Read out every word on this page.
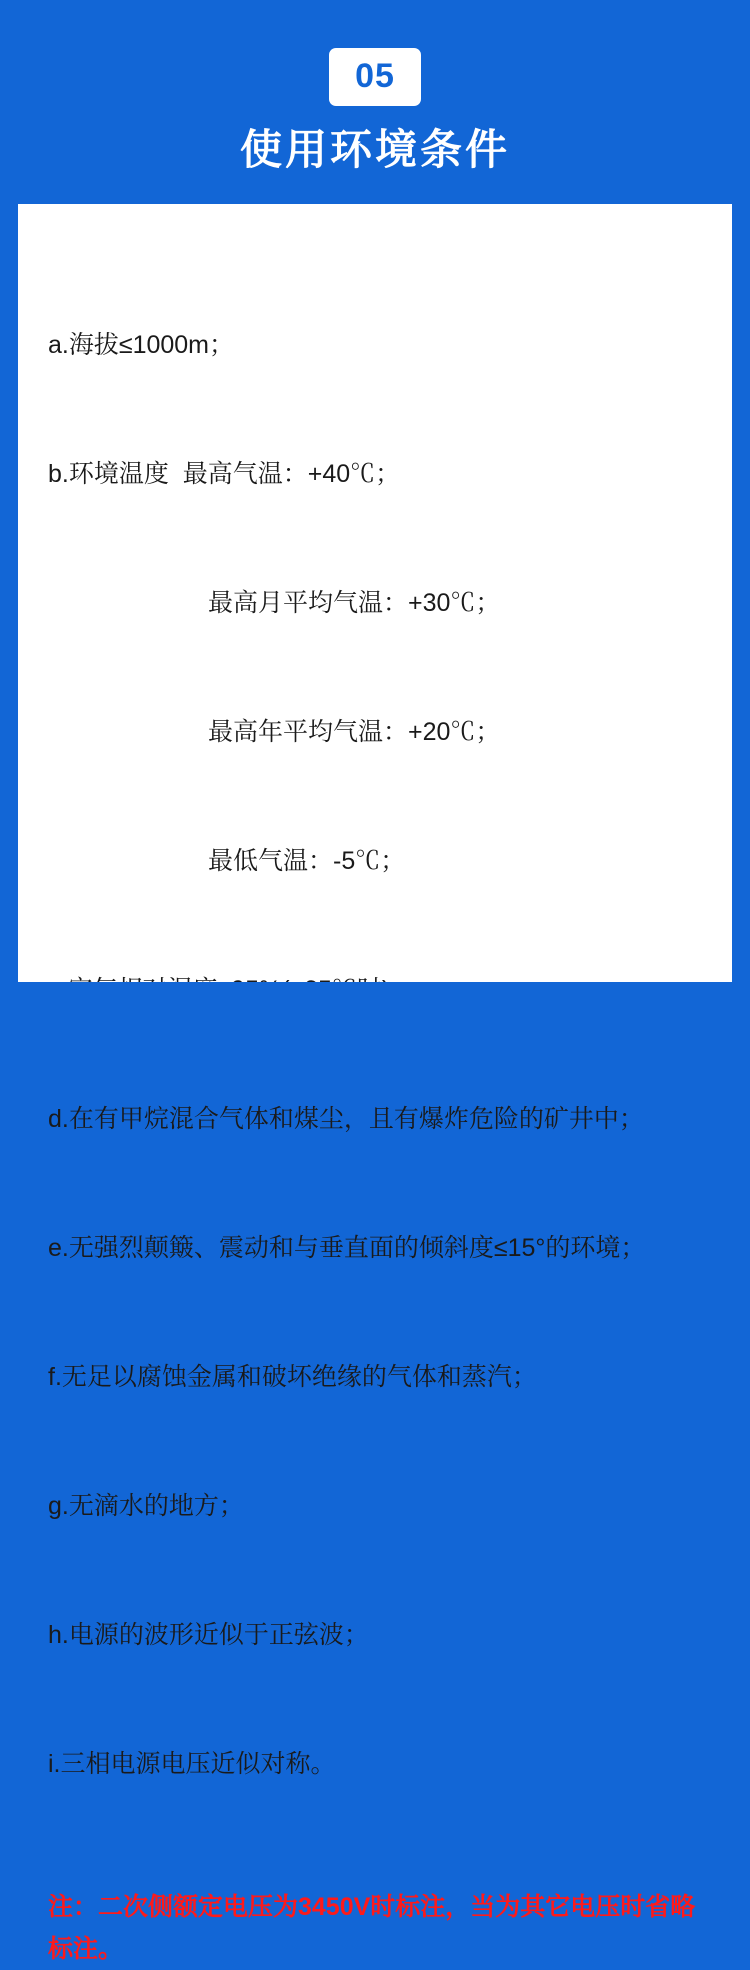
05
使用环境条件

a.海拔≤1000m；

b.环境温度  最高气温：+40℃；

最高月平均气温：+30℃；

最高年平均气温：+20℃；

最低气温：-5℃；

d.在有甲烷混合气体和煤尘，且有爆炸危险的矿井中；

e.无强烈颠簸、震动和与垂直面的倾斜度≤15°的环境；

f.无足以腐蚀金属和破坏绝缘的气体和蒸汽；

g.无滴水的地方；

h.电源的波形近似于正弦波；

i.三相电源电压近似对称。

注：二次侧额定电压为3450V时标注，当为其它电压时省略标注。
